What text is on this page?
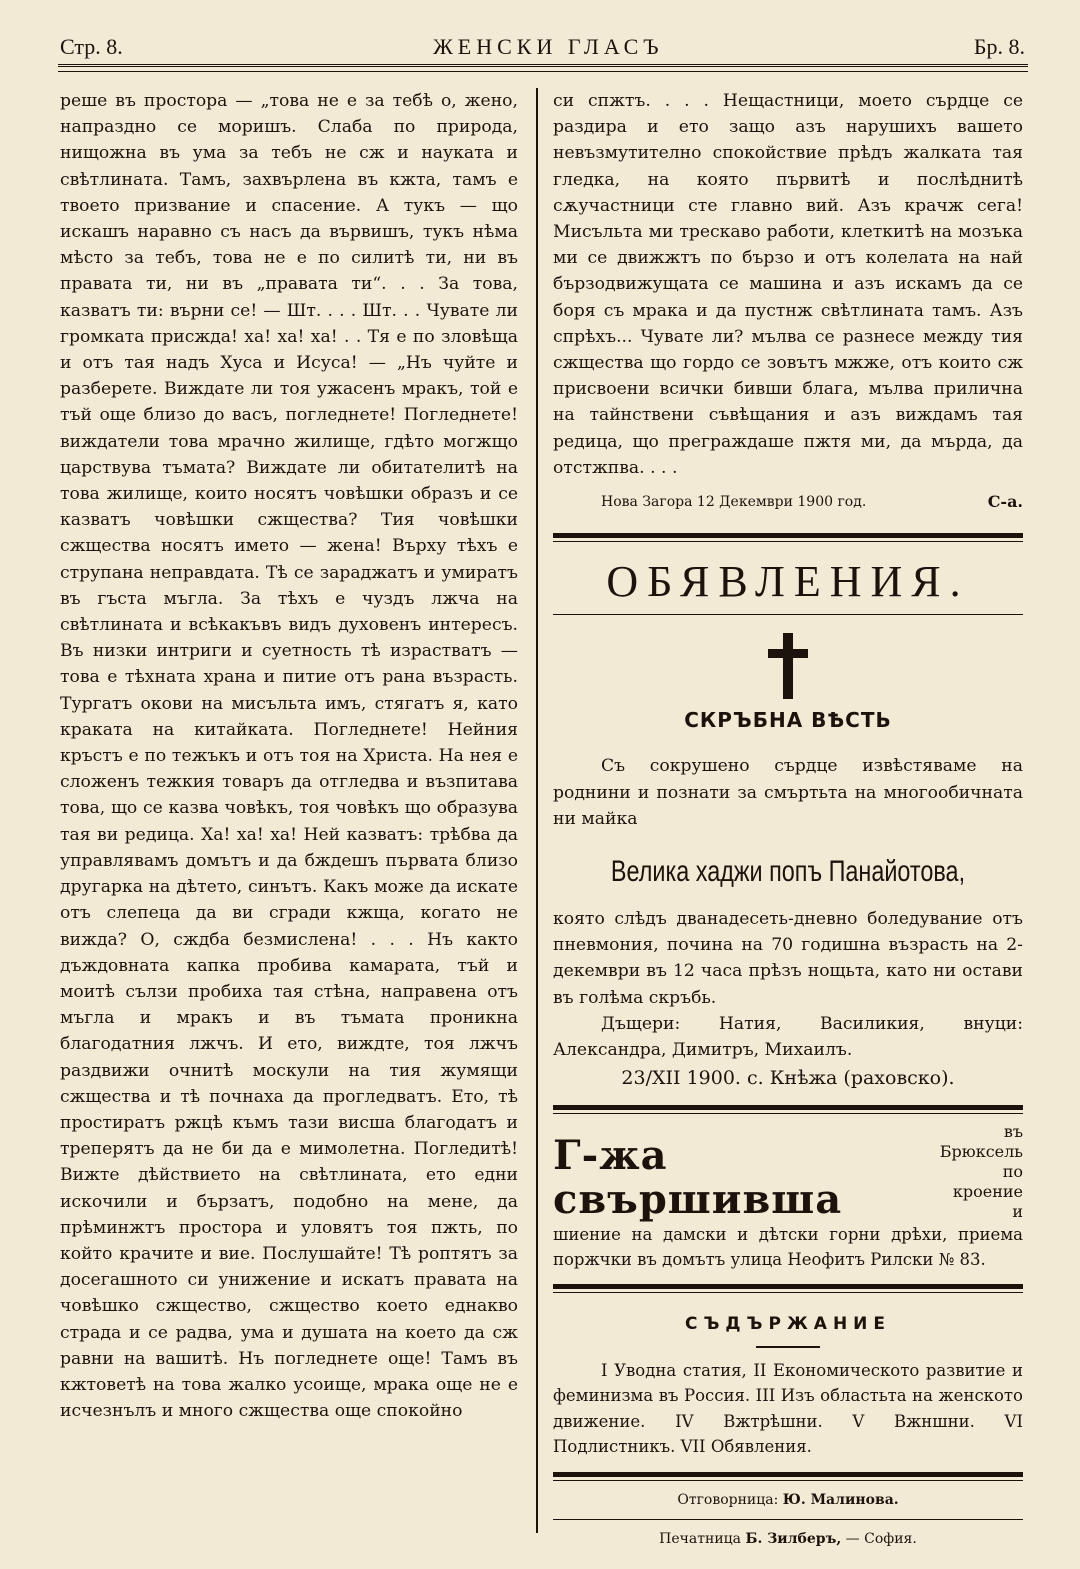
Стр. 8.	ЖЕНСКИ ГЛАСЪ	Бр. 8.

реше въ простора — „това не е за тебѣ о, жено, напраздно се моришъ. Слаба по природа, нищожна въ ума за тебъ не сж и науката и свѣтлината. Тамъ, захвърлена въ кжта, тамъ е твоето призвание и спасение. А тукъ — що искашъ наравно съ насъ да вървишъ, тукъ нѣма мѣсто за тебъ, това не е по силитѣ ти, ни въ правата ти, ни въ „правата ти“. . . За това, казватъ ти: върни се! — Шт. . . . Шт. . . Чувате ли громката присжда! ха! ха! ха! . . Тя е по зловѣща и отъ тая надъ Хуса и Исуса! — „Нъ чуйте и разберете. Виждате ли тоя ужасенъ мракъ, той е тъй още близо до васъ, погледнете! Погледнете! виждатели това мрачно жилище, гдѣто могжщо царствува тъмата? Виждате ли обитателитѣ на това жилище, които носятъ човѣшки образъ и се казватъ човѣшки сжщества? Тия човѣшки сжщества носятъ името — жена! Върху тѣхъ е струпана неправдата. Тѣ се зараджатъ и умиратъ въ гъста мъгла. За тѣхъ е чуздъ лжча на свѣтлината и всѣкакъвъ видъ духовенъ интересъ. Въ низки интриги и суетность тѣ израстватъ — това е тѣхната храна и питие отъ рана възрасть. Тургатъ окови на мисъльта имъ, стягатъ я, като краката на китайката. Погледнете! Нейния кръстъ е по тежъкъ и отъ тоя на Христа. На нея е сложенъ тежкия товаръ да отгледва и възпитава това, що се казва човѣкъ, тоя човѣкъ що образува тая ви редица. Ха! ха! ха! Ней казватъ: трѣбва да управлявамъ домътъ и да бждешъ първата близо другарка на дѣтето, синътъ. Какъ може да искате отъ слепеца да ви сгради кжща, когато не вижда? О, сждба безмислена! . . . Нъ както дъждовната капка пробива камарата, тъй и моитѣ сълзи пробиха тая стѣна, направена отъ мъгла и мракъ и въ тъмата проникна благодатния лжчъ. И ето, виждте, тоя лжчъ раздвижи очнитѣ мoскули на тия жумящи сжщества и тѣ почнаха да прогледватъ. Ето, тѣ простиратъ ржцѣ къмъ тази висша благодатъ и треперятъ да не би да е мимолетна. Погледитѣ! Вижте дѣйствието на свѣтлината, ето едни искочили и бързатъ, подобно на мене, да прѣминжтъ простора и уловятъ тоя пжть, по който крачите и вие. Послушайте! Тѣ роптятъ за досегашното си унижение и искатъ правата на човѣшко сжщество, сжщество което еднакво страда и се радва, ума и душата на което да сж равни на вашитѣ. Нъ погледнете още! Тамъ въ кжтоветѣ на това жалко усоище, мрака още не е исчезнълъ и много сжщества още спокойно

си спжтъ. . . . Нещастници, моето сърдце се раздира и ето защо азъ нарушихъ вашето невъзмутително спокойствие прѣдъ жалката тая гледка, на която първитѣ и послѣднитѣ сѫучастници сте главно вий. Азъ крачж сега! Мисъльта ми трескаво работи, клеткитѣ на мозъка ми се движжтъ по бързо и отъ колелата на най бързодвижущата се машина и азъ искамъ да се боря съ мрака и да пустнж свѣтлината тамъ. Азъ спрѣхъ... Чувате ли? мълва се разнесе между тия сжщества що гордо се зовътъ мжже, отъ които сж присвоени всички бивши блага, мълва прилична на тайнствени съвѣщания и азъ виждамъ тая редица, що преграждаше пжтя ми, да мърда, да отстжпва. . . .

Нова Загора 12 Декември 1900 год.	С-а.
ОБЯВЛЕНИЯ.
СКРЪБНА ВѢСТЬ

Съ сокрушено сърдце извѣстяваме на роднини и познати за смъртьта на многообичната ни майка

Велика хаджи попъ Панайотова,

която слѣдъ дванадесеть-дневно боледувание отъ пневмония, почина на 70 годишна възрасть на 2- декември въ 12 часа прѣзъ нощьта, като ни остави въ голѣма скръбь.

Дъщери: Натия, Василикия, внуци: Александра, Димитръ, Михаилъ.

23/XII 1900. с. Кнѣжа (раховско).
Г-жа свършивша
въ Брюксель по кроение и

шиение на дамски и дѣтски горни дрѣхи, приема поржчки въ домътъ улица Неофитъ Рилски № 83.

СЪДЪРЖАНИЕ

I Уводна статия, II Економическото развитие и феминизма въ Россия. III Изъ областьта на женското движение. IV Вжтрѣшни. V Вжншни. VI Подлистникъ. VII Обявления.

Отговорница: Ю. Малинова.
Печатница Б. Зилберъ, — София.
